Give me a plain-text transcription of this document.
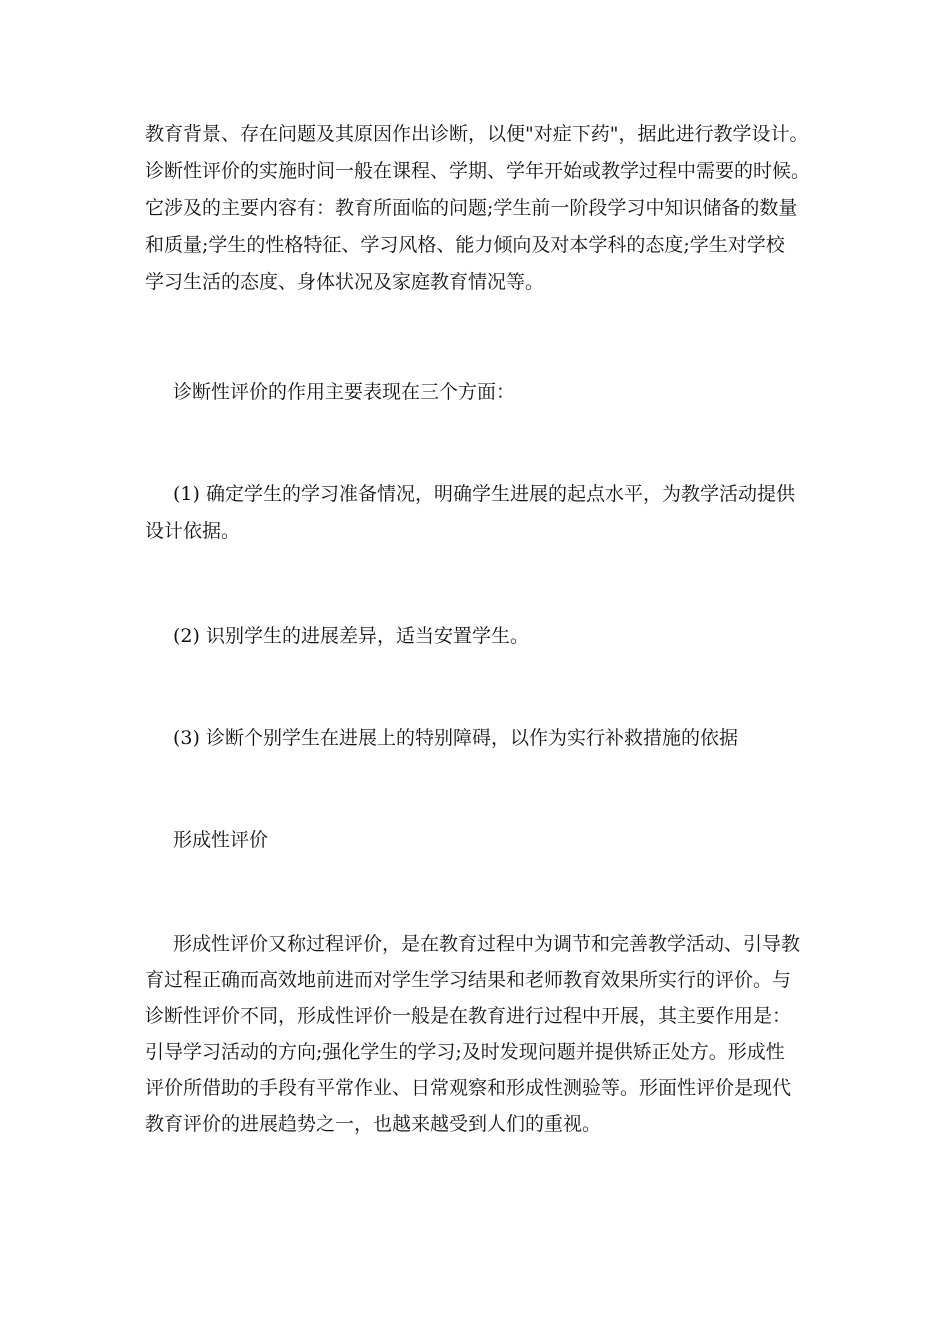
教育背景、存在问题及其原因作出诊断，以便"对症下药"，据此进行教学设计。
诊断性评价的实施时间一般在课程、学期、学年开始或教学过程中需要的时候。
它涉及的主要内容有：教育所面临的问题;学生前一阶段学习中知识储备的数量
和质量;学生的性格特征、学习风格、能力倾向及对本学科的态度;学生对学校
学习生活的态度、身体状况及家庭教育情况等。
诊断性评价的作用主要表现在三个方面：
(1) 确定学生的学习准备情况，明确学生进展的起点水平，为教学活动提供
设计依据。
(2) 识别学生的进展差异，适当安置学生。
(3) 诊断个别学生在进展上的特别障碍，以作为实行补救措施的依据
形成性评价
形成性评价又称过程评价，是在教育过程中为调节和完善教学活动、引导教
育过程正确而高效地前进而对学生学习结果和老师教育效果所实行的评价。与
诊断性评价不同，形成性评价一般是在教育进行过程中开展，其主要作用是：
引导学习活动的方向;强化学生的学习;及时发现问题并提供矫正处方。形成性
评价所借助的手段有平常作业、日常观察和形成性测验等。形面性评价是现代
教育评价的进展趋势之一，也越来越受到人们的重视。
